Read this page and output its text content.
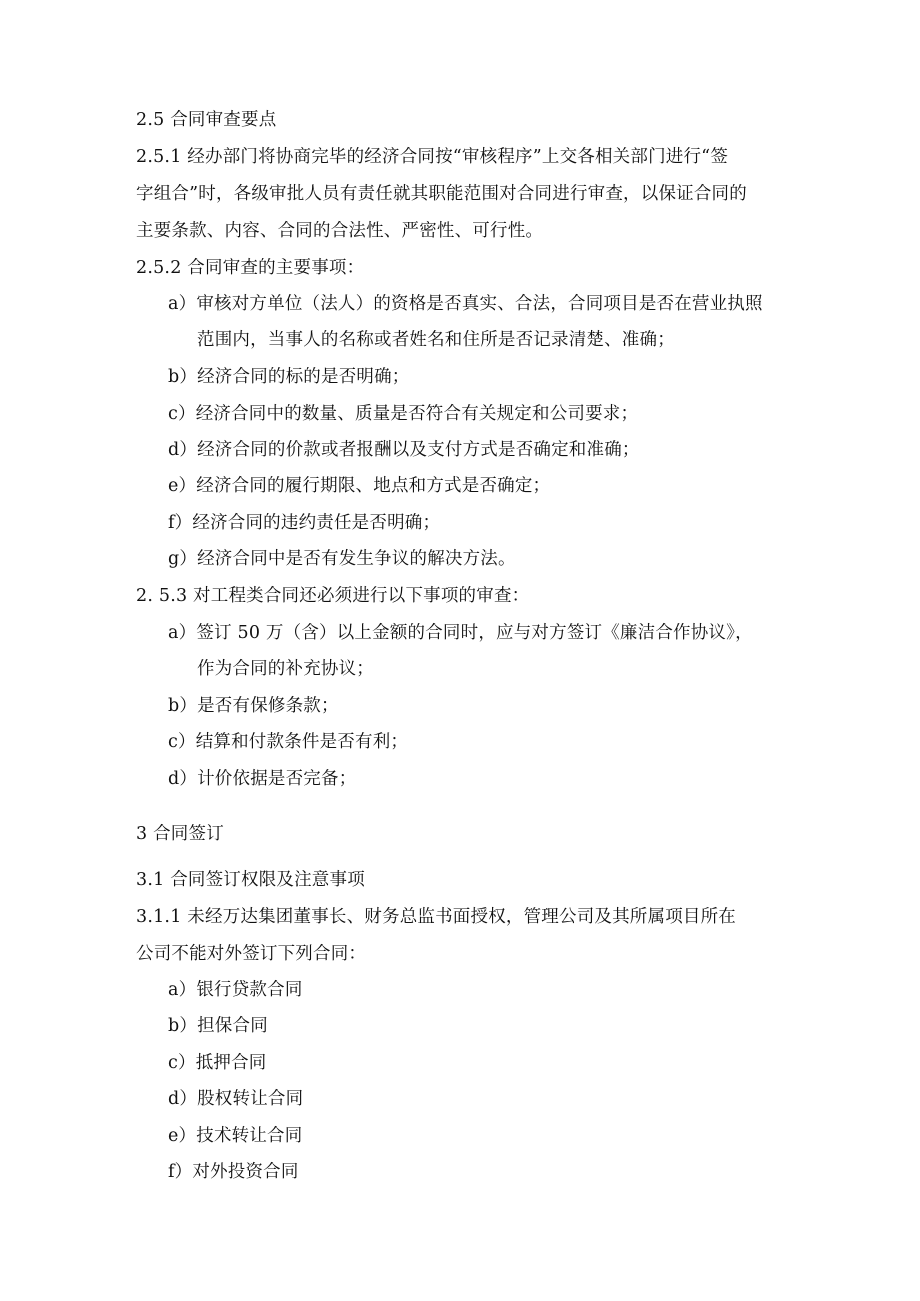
2.5 合同审查要点
2.5.1 经办部门将协商完毕的经济合同按“审核程序”上交各相关部门进行“签
字组合”时，各级审批人员有责任就其职能范围对合同进行审查，以保证合同的
主要条款、内容、合同的合法性、严密性、可行性。
2.5.2 合同审查的主要事项：
a）审核对方单位（法人）的资格是否真实、合法，合同项目是否在营业执照
范围内，当事人的名称或者姓名和住所是否记录清楚、准确；
b）经济合同的标的是否明确；
c）经济合同中的数量、质量是否符合有关规定和公司要求；
d）经济合同的价款或者报酬以及支付方式是否确定和准确；
e）经济合同的履行期限、地点和方式是否确定；
f）经济合同的违约责任是否明确；
g）经济合同中是否有发生争议的解决方法。
2. 5.3 对工程类合同还必须进行以下事项的审查：
a）签订 50 万（含）以上金额的合同时，应与对方签订《廉洁合作协议》，
作为合同的补充协议；
b）是否有保修条款；
c）结算和付款条件是否有利；
d）计价依据是否完备；
3 合同签订
3.1 合同签订权限及注意事项
3.1.1 未经万达集团董事长、财务总监书面授权，管理公司及其所属项目所在
公司不能对外签订下列合同：
a）银行贷款合同
b）担保合同
c）抵押合同
d）股权转让合同
e）技术转让合同
f）对外投资合同
